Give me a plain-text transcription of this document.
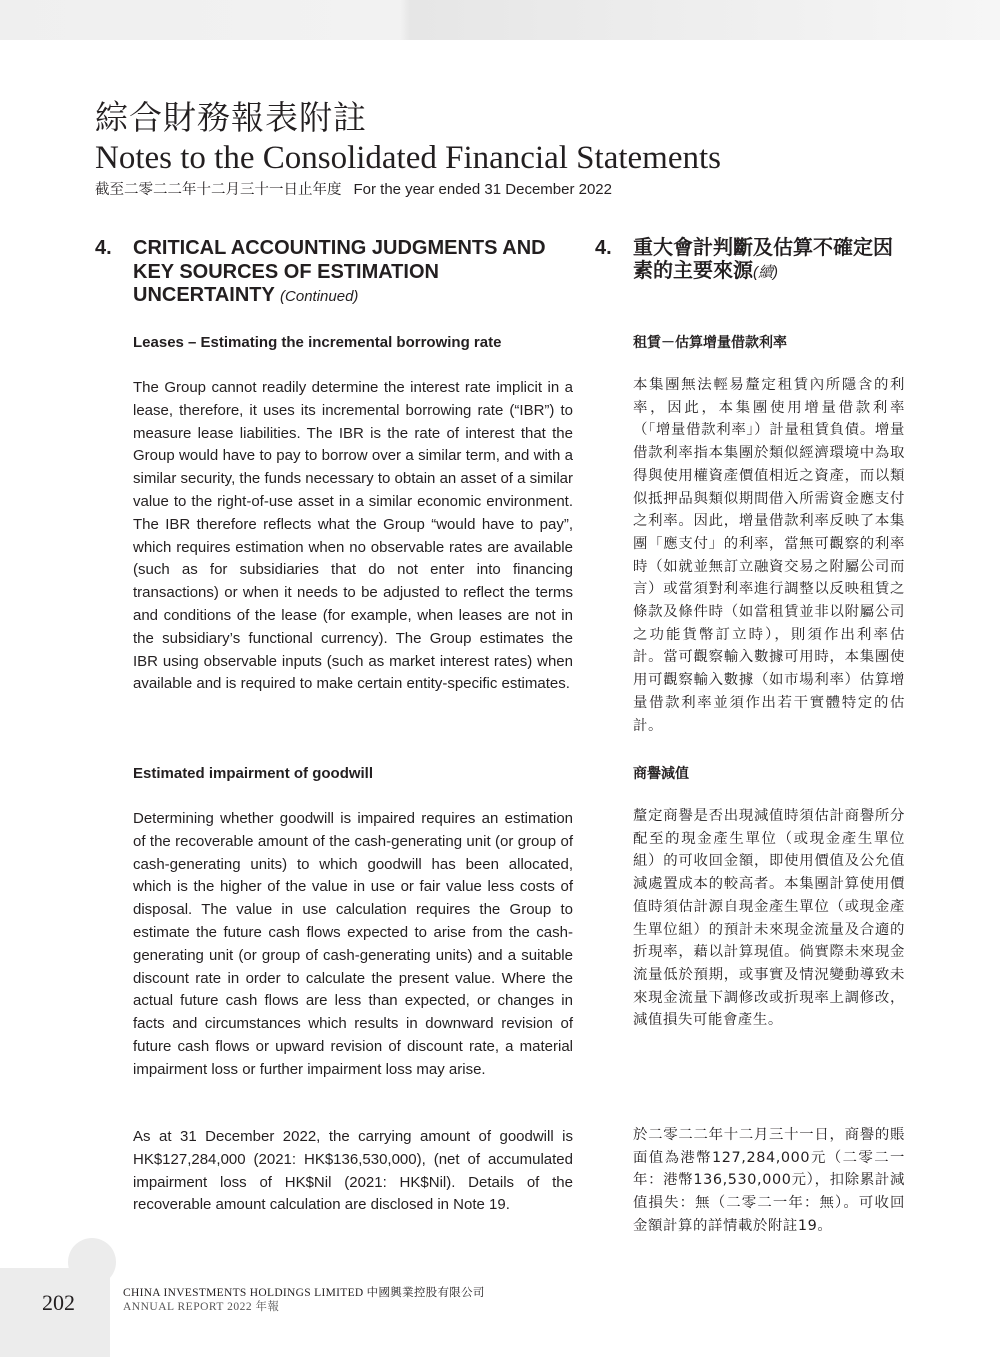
綜合財務報表附註
Notes to the Consolidated Financial Statements

截至二零二二年十二月三十一日止年度 For the year ended 31 December 2022

4.	CRITICAL ACCOUNTING JUDGMENTS AND KEY SOURCES OF ESTIMATION UNCERTAINTY (Continued)

Leases – Estimating the incremental borrowing rate

The Group cannot readily determine the interest rate implicit in a lease, therefore, it uses its incremental borrowing rate (“IBR”) to measure lease liabilities. The IBR is the rate of interest that the Group would have to pay to borrow over a similar term, and with a similar security, the funds necessary to obtain an asset of a similar value to the right-of-use asset in a similar economic environment. The IBR therefore reflects what the Group “would have to pay”, which requires estimation when no observable rates are available (such as for subsidiaries that do not enter into financing transactions) or when it needs to be adjusted to reflect the terms and conditions of the lease (for example, when leases are not in the subsidiary’s functional currency). The Group estimates the IBR using observable inputs (such as market interest rates) when available and is required to make certain entity-specific estimates.

Estimated impairment of goodwill

Determining whether goodwill is impaired requires an estimation of the recoverable amount of the cash-generating unit (or group of cash-generating units) to which goodwill has been allocated, which is the higher of the value in use or fair value less costs of disposal. The value in use calculation requires the Group to estimate the future cash flows expected to arise from the cash-generating unit (or group of cash-generating units) and a suitable discount rate in order to calculate the present value. Where the actual future cash flows are less than expected, or changes in facts and circumstances which results in downward revision of future cash flows or upward revision of discount rate, a material impairment loss or further impairment loss may arise.

As at 31 December 2022, the carrying amount of goodwill is HK$127,284,000 (2021: HK$136,530,000), (net of accumulated impairment loss of HK$Nil (2021: HK$Nil). Details of the recoverable amount calculation are disclosed in Note 19.

4.	重大會計判斷及估算不確定因素的主要來源(續)

租賃－估算增量借款利率

本集團無法輕易釐定租賃內所隱含的利率，因此，本集團使用增量借款利率（「增量借款利率」）計量租賃負債。增量借款利率指本集團於類似經濟環境中為取得與使用權資產價值相近之資產，而以類似抵押品與類似期間借入所需資金應支付之利率。因此，增量借款利率反映了本集團「應支付」的利率，當無可觀察的利率時（如就並無訂立融資交易之附屬公司而言）或當須對利率進行調整以反映租賃之條款及條件時（如當租賃並非以附屬公司之功能貨幣訂立時），則須作出利率估計。當可觀察輸入數據可用時，本集團使用可觀察輸入數據（如市場利率）估算增量借款利率並須作出若干實體特定的估計。

商譽減值

釐定商譽是否出現減值時須估計商譽所分配至的現金產生單位（或現金產生單位組）的可收回金額，即使用價值及公允值減處置成本的較高者。本集團計算使用價值時須估計源自現金產生單位（或現金產生單位組）的預計未來現金流量及合適的折現率，藉以計算現值。倘實際未來現金流量低於預期，或事實及情況變動導致未來現金流量下調修改或折現率上調修改，減值損失可能會產生。

於二零二二年十二月三十一日，商譽的賬面值為港幣127,284,000元（二零二一年：港幣136,530,000元），扣除累計減值損失：無（二零二一年：無）。可收回金額計算的詳情載於附註19。

202	CHINA INVESTMENTS HOLDINGS LIMITED 中國興業控股有限公司

ANNUAL REPORT 2022 年報
